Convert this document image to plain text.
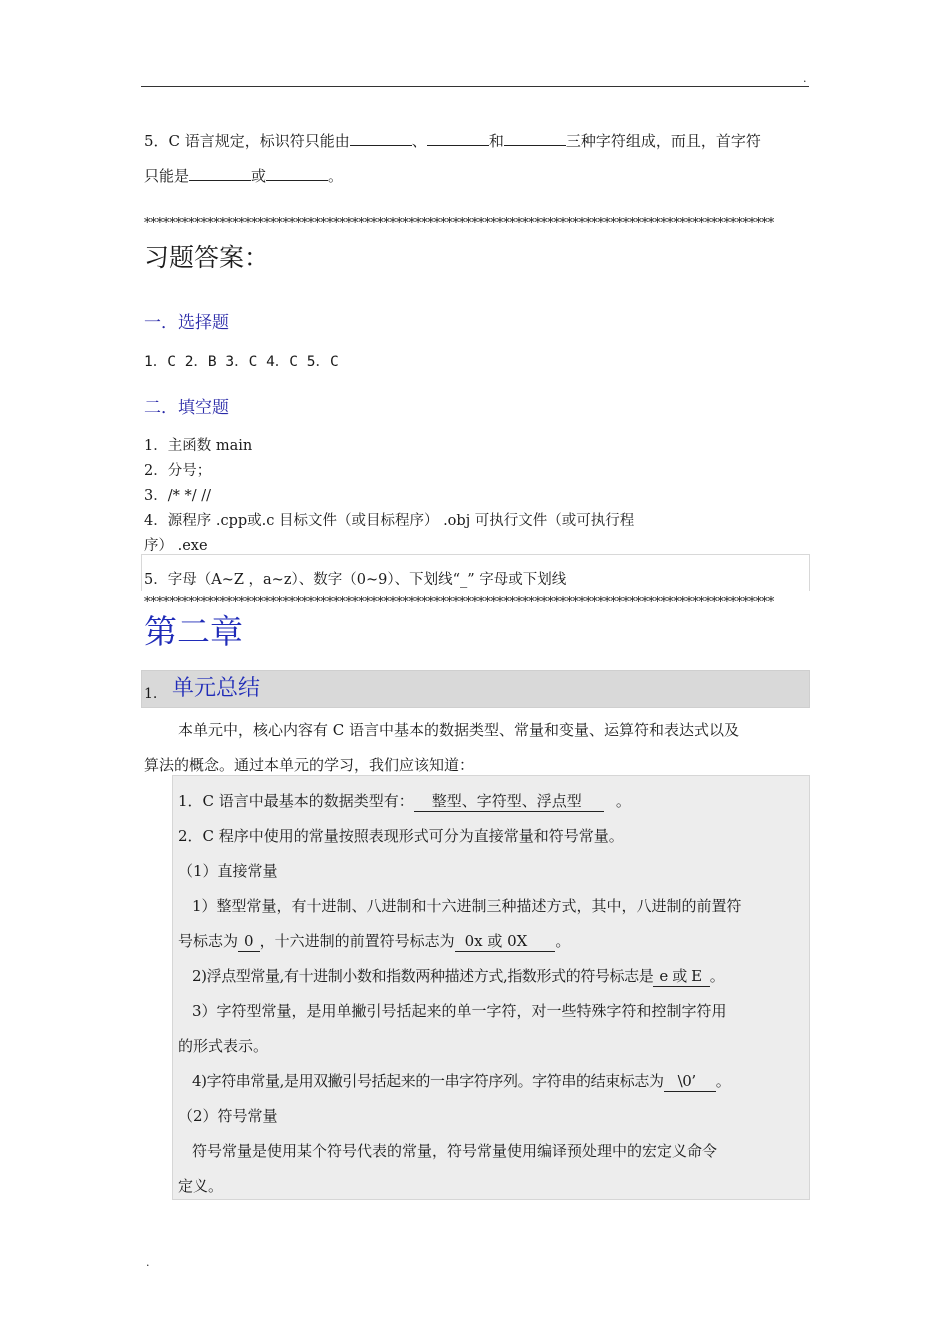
.
5．C 语言规定，标识符只能由	、	和	三种字符组成，而且，首字符
只能是	或	。
****************************************************************************************************
习题答案：
一．选择题
1．C 2．B 3．C 4．C 5．C
二．填空题
1．主函数 main
2．分号；
3．/* */ //
4．源程序 .cpp或.c 目标文件（或目标程序） .obj 可执行文件（或可执行程
序） .exe
5．字母（A~Z ，a~z）、数字（0~9）、下划线“_” 字母或下划线
****************************************************************************************************
第二章
1. 单元总结
本单元中，核心内容有 C 语言中基本的数据类型、常量和变量、运算符和表达式以及
算法的概念。通过本单元的学习，我们应该知道：
1．C 语言中最基本的数据类型有： 整型、字符型、浮点型 。
2．C 程序中使用的常量按照表现形式可分为直接常量和符号常量。
（1）直接常量
1）整型常量，有十进制、八进制和十六进制三种描述方式，其中，八进制的前置符
号标志为 0 ，十六进制的前置符号标志为 0x 或 0X 。
2)浮点型常量,有十进制小数和指数两种描述方式,指数形式的符号标志是 e 或 E 。
3）字符型常量，是用单撇引号括起来的单一字符，对一些特殊字符和控制字符用
的形式表示。
4)字符串常量,是用双撇引号括起来的一串字符序列。字符串的结束标志为 \0’ 。
（2）符号常量
符号常量是使用某个符号代表的常量，符号常量使用编译预处理中的宏定义命令
定义。
.
